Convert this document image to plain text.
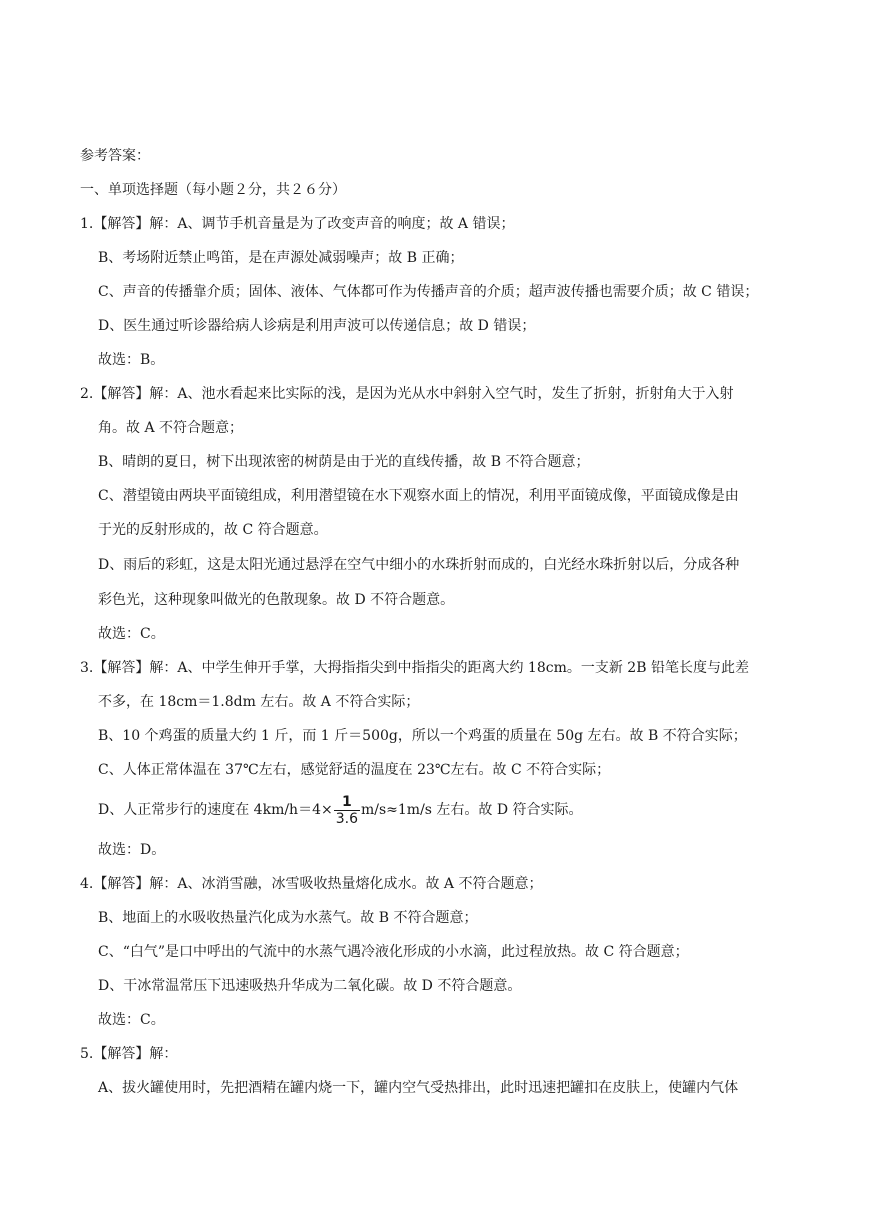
参考答案：
一、单项选择题（每小题２分，共２６分）
1.【解答】解：A、调节手机音量是为了改变声音的响度；故 A 错误；
B、考场附近禁止鸣笛，是在声源处减弱噪声；故 B 正确；
C、声音的传播靠介质；固体、液体、气体都可作为传播声音的介质；超声波传播也需要介质；故 C 错误；
D、医生通过听诊器给病人诊病是利用声波可以传递信息；故 D 错误；
故选：B。
2.【解答】解：A、池水看起来比实际的浅，是因为光从水中斜射入空气时，发生了折射，折射角大于入射
角。故 A 不符合题意；
B、晴朗的夏日，树下出现浓密的树荫是由于光的直线传播，故 B 不符合题意；
C、潜望镜由两块平面镜组成，利用潜望镜在水下观察水面上的情况，利用平面镜成像，平面镜成像是由
于光的反射形成的，故 C 符合题意。
D、雨后的彩虹，这是太阳光通过悬浮在空气中细小的水珠折射而成的，白光经水珠折射以后，分成各种
彩色光，这种现象叫做光的色散现象。故 D 不符合题意。
故选：C。
3.【解答】解：A、中学生伸开手掌，大拇指指尖到中指指尖的距离大约 18cm。一支新 2B 铅笔长度与此差
不多，在 18cm＝1.8dm 左右。故 A 不符合实际；
B、10 个鸡蛋的质量大约 1 斤，而 1 斤＝500g，所以一个鸡蛋的质量在 50g 左右。故 B 不符合实际；
C、人体正常体温在 37℃左右，感觉舒适的温度在 23℃左右。故 C 不符合实际；
D、人正常步行的速度在 $4km/h=4\times \frac{1}{3.6} m/s\approx 1m/s$ 左右。故 D 符合实际。
故选：D。
4.【解答】解：A、冰消雪融，冰雪吸收热量熔化成水。故 A 不符合题意；
B、地面上的水吸收热量汽化成为水蒸气。故 B 不符合题意；
C、“白气”是口中呼出的气流中的水蒸气遇冷液化形成的小水滴，此过程放热。故 C 符合题意；
D、干冰常温常压下迅速吸热升华成为二氧化碳。故 D 不符合题意。
故选：C。
5.【解答】解：
A、拔火罐使用时，先把酒精在罐内烧一下，罐内空气受热排出，此时迅速把罐扣在皮肤上，使罐内气体
